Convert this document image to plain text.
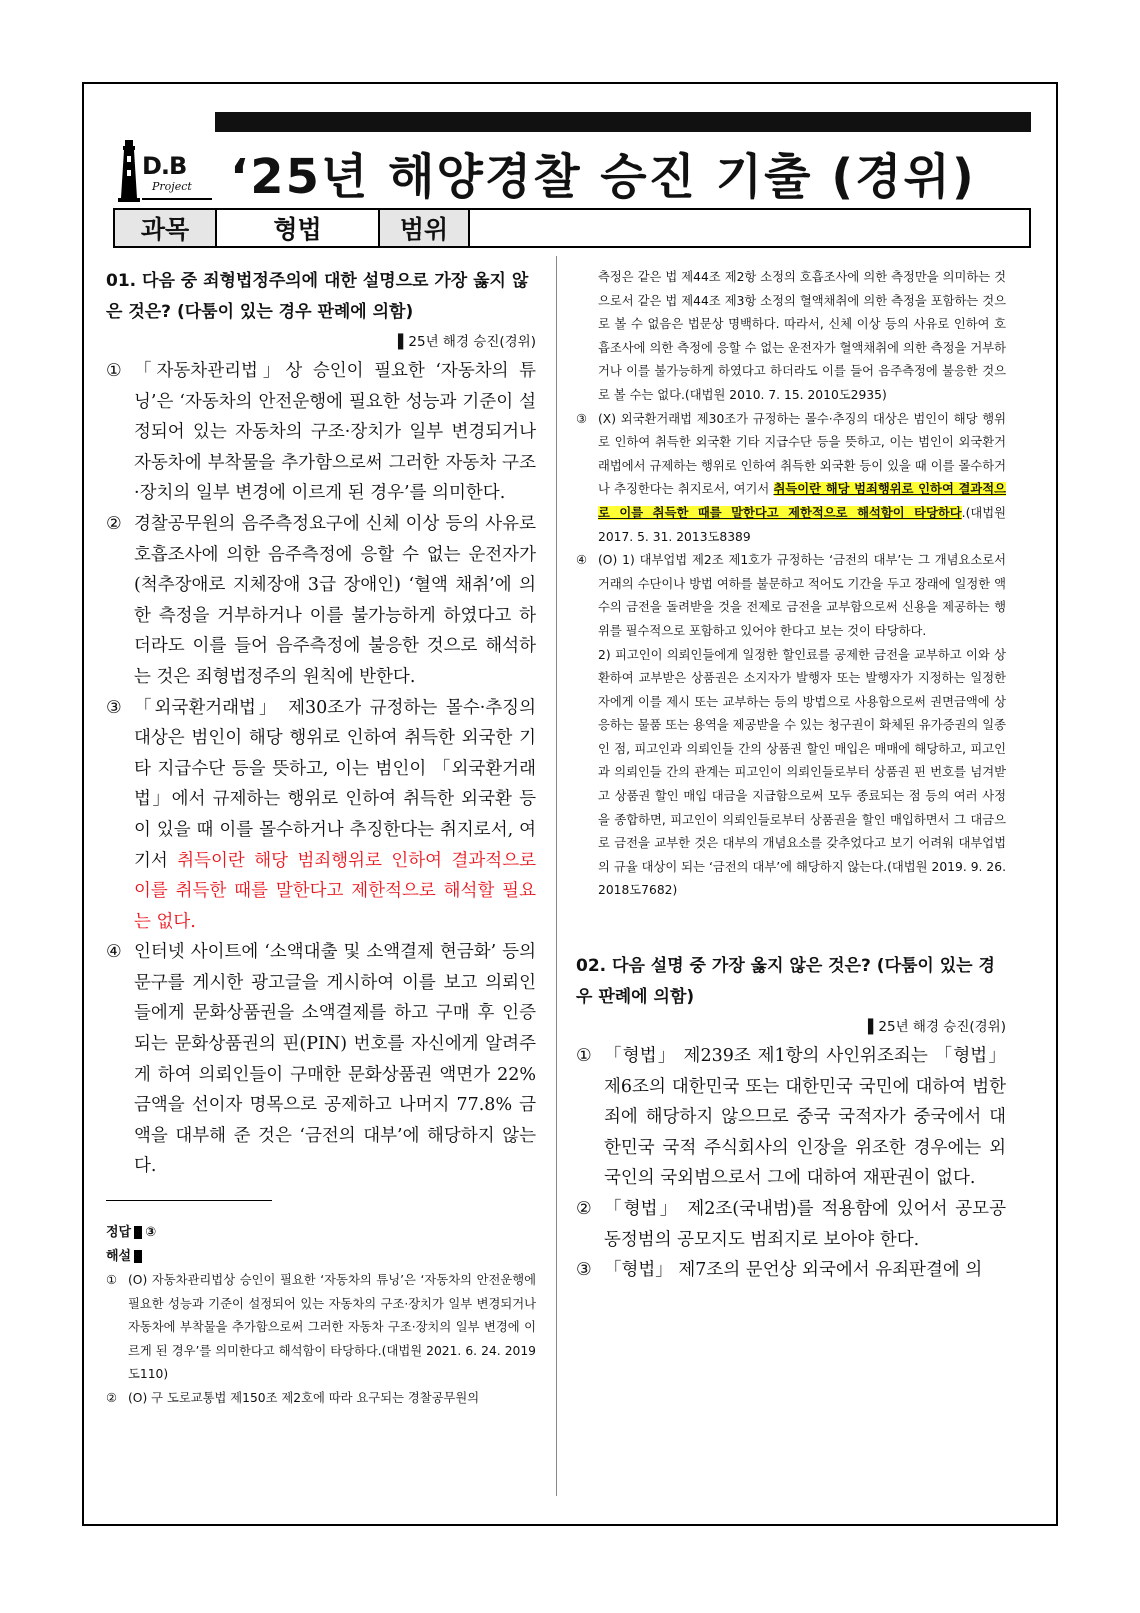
D.B
Project ‘25년 해양경찰 승진 기출 (경위)
과목	형법	범위

01. 다음 중 죄형법정주의에 대한 설명으로 가장 옳지 않은 것은? (다툼이 있는 경우 판례에 의함)

▌25년 해경 승진(경위)
① 「자동차관리법」상 승인이 필요한 ‘자동차의 튜닝’은 ‘자동차의 안전운행에 필요한 성능과 기준이 설정되어 있는 자동차의 구조·장치가 일부 변경되거나 자동차에 부착물을 추가함으로써 그러한 자동차 구조·장치의 일부 변경에 이르게 된 경우’를 의미한다.
② 경찰공무원의 음주측정요구에 신체 이상 등의 사유로 호흡조사에 의한 음주측정에 응할 수 없는 운전자가(척추장애로 지체장애 3급 장애인) ‘혈액 채취’에 의한 측정을 거부하거나 이를 불가능하게 하였다고 하더라도 이를 들어 음주측정에 불응한 것으로 해석하는 것은 죄형법정주의 원칙에 반한다.
③ 「외국환거래법」 제30조가 규정하는 몰수·추징의 대상은 범인이 해당 행위로 인하여 취득한 외국한 기타 지급수단 등을 뜻하고, 이는 범인이 「외국환거래법」에서 규제하는 행위로 인하여 취득한 외국환 등이 있을 때 이를 몰수하거나 추징한다는 취지로서, 여기서 취득이란 해당 범죄행위로 인하여 결과적으로 이를 취득한 때를 말한다고 제한적으로 해석할 필요는 없다.
④ 인터넷 사이트에 ‘소액대출 및 소액결제 현금화’ 등의 문구를 게시한 광고글을 게시하여 이를 보고 의뢰인들에게 문화상품권을 소액결제를 하고 구매 후 인증되는 문화상품권의 핀(PIN) 번호를 자신에게 알려주게 하여 의뢰인들이 구매한 문화상품권 액면가 22% 금액을 선이자 명목으로 공제하고 나머지 77.8% 금액을 대부해 준 것은 ‘금전의 대부’에 해당하지 않는다.
정답 ③
해설
① (O) 자동차관리법상 승인이 필요한 ‘자동차의 튜닝’은 ‘자동차의 안전운행에 필요한 성능과 기준이 설정되어 있는 자동차의 구조·장치가 일부 변경되거나 자동차에 부착물을 추가함으로써 그러한 자동차 구조·장치의 일부 변경에 이르게 된 경우’를 의미한다고 해석함이 타당하다.(대법원 2021. 6. 24. 2019도110)
② (O) 구 도로교통법 제150조 제2호에 따라 요구되는 경찰공무원의

측정은 같은 법 제44조 제2항 소정의 호흡조사에 의한 측정만을 의미하는 것으로서 같은 법 제44조 제3항 소정의 혈액채취에 의한 측정을 포함하는 것으로 볼 수 없음은 법문상 명백하다. 따라서, 신체 이상 등의 사유로 인하여 호흡조사에 의한 측정에 응할 수 없는 운전자가 혈액채취에 의한 측정을 거부하거나 이를 불가능하게 하였다고 하더라도 이를 들어 음주측정에 불응한 것으로 볼 수는 없다.(대법원 2010. 7. 15. 2010도2935)

③ (X) 외국환거래법 제30조가 규정하는 몰수·추징의 대상은 범인이 해당 행위로 인하여 취득한 외국환 기타 지급수단 등을 뜻하고, 이는 범인이 외국환거래법에서 규제하는 행위로 인하여 취득한 외국환 등이 있을 때 이를 몰수하거나 추징한다는 취지로서, 여기서 취득이란 해당 범죄행위로 인하여 결과적으로 이를 취득한 때를 말한다고 제한적으로 해석함이 타당하다.(대법원 2017. 5. 31. 2013도8389
④ (O) 1) 대부업법 제2조 제1호가 규정하는 ‘금전의 대부’는 그 개념요소로서 거래의 수단이나 방법 여하를 불문하고 적어도 기간을 두고 장래에 일정한 액수의 금전을 돌려받을 것을 전제로 금전을 교부함으로써 신용을 제공하는 행위를 필수적으로 포함하고 있어야 한다고 보는 것이 타당하다.
2) 피고인이 의뢰인들에게 일정한 할인료를 공제한 금전을 교부하고 이와 상환하여 교부받은 상품권은 소지자가 발행자 또는 발행자가 지정하는 일정한 자에게 이를 제시 또는 교부하는 등의 방법으로 사용함으로써 권면금액에 상응하는 물품 또는 용역을 제공받을 수 있는 청구권이 화체된 유가증권의 일종인 점, 피고인과 의뢰인들 간의 상품권 할인 매입은 매매에 해당하고, 피고인과 의뢰인들 간의 관계는 피고인이 의뢰인들로부터 상품권 핀 번호를 넘겨받고 상품권 할인 매입 대금을 지급함으로써 모두 종료되는 점 등의 여러 사정을 종합하면, 피고인이 의뢰인들로부터 상품권을 할인 매입하면서 그 대금으로 금전을 교부한 것은 대부의 개념요소를 갖추었다고 보기 어려워 대부업법의 규율 대상이 되는 ‘금전의 대부’에 해당하지 않는다.(대법원 2019. 9. 26. 2018도7682)

02. 다음 설명 중 가장 옳지 않은 것은? (다툼이 있는 경우 판례에 의함)

▌25년 해경 승진(경위)
① 「형법」 제239조 제1항의 사인위조죄는 「형법」 제6조의 대한민국 또는 대한민국 국민에 대하여 범한 죄에 해당하지 않으므로 중국 국적자가 중국에서 대한민국 국적 주식회사의 인장을 위조한 경우에는 외국인의 국외범으로서 그에 대하여 재판권이 없다.
② 「형법」 제2조(국내범)를 적용함에 있어서 공모공동정범의 공모지도 범죄지로 보아야 한다.
③ 「형법」 제7조의 문언상 외국에서 유죄판결에 의
